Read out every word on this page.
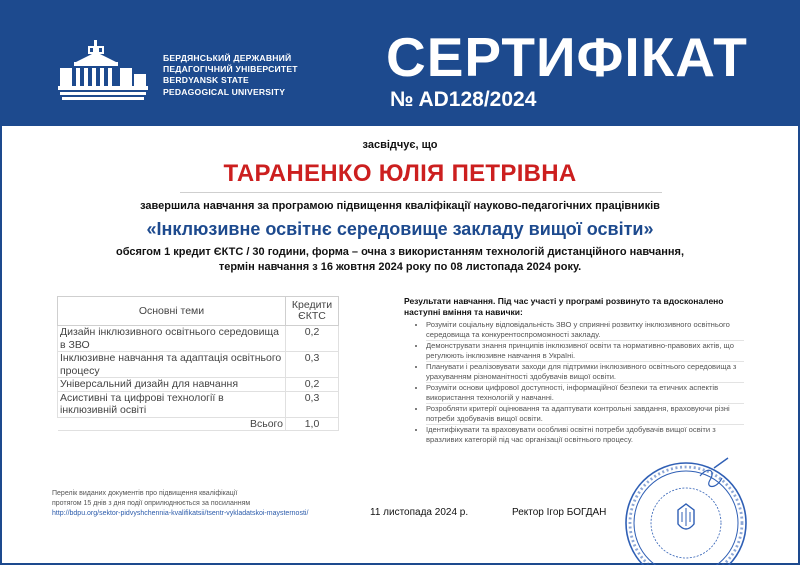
БЕРДЯНСЬКИЙ ДЕРЖАВНИЙ
ПЕДАГОГІЧНИЙ УНІВЕРСИТЕТ
BERDYANSK STATE
PEDAGOGICAL UNIVERSITY
СЕРТИФІКАТ
№ AD128/2024
засвідчує, що
ТАРАНЕНКО ЮЛІЯ ПЕТРІВНА
завершила навчання за програмою підвищення кваліфікації науково-педагогічних працівників
«Інклюзивне освітнє середовище закладу вищої освіти»
обсягом 1 кредит ЄКТС / 30 години, форма – очна з використанням технологій дистанційного навчання,
термін навчання з 16 жовтня 2024 року по 08 листопада 2024 року.
Основні теми	Кредити ЄКТС
Дизайн інклюзивного освітнього середовища в ЗВО	0,2
Інклюзивне навчання та адаптація освітнього процесу	0,3
Універсальний дизайн для навчання	0,2
Асистивні та цифрові технології в інклюзивній освіті	0,3
Всього	1,0
Результати навчання. Під час участі у програмі розвинуто та вдосконалено наступні вміння та навички:
• Розуміти соціальну відповідальність ЗВО у сприянні розвитку інклюзивного освітнього середовища та конкурентоспроможності закладу.
• Демонструвати знання принципів інклюзивної освіти та нормативно-правових актів, що регулюють інклюзивне навчання в Україні.
• Планувати і реалізовувати заходи для підтримки інклюзивного освітнього середовища з урахуванням різноманітності здобувачів вищої освіти.
• Розуміти основи цифрової доступності, інформаційної безпеки та етичних аспектів використання технологій у навчанні.
• Розробляти критерії оцінювання та адаптувати контрольні завдання, враховуючи різні потреби здобувачів вищої освіти.
• Ідентифікувати та враховувати особливі освітні потреби здобувачів вищої освіти з вразливих категорій під час організації освітнього процесу.
Перелік виданих документів про підвищення кваліфікації
протягом 15 днів з дня події оприлюднюється за посиланням
http://bdpu.org/sektor-pidvyshchennia-kvalifikatsii/tsentr-vykladatskoi-maysternosti/	11 листопада 2024 р.	Ректор Ігор БОГДАН
